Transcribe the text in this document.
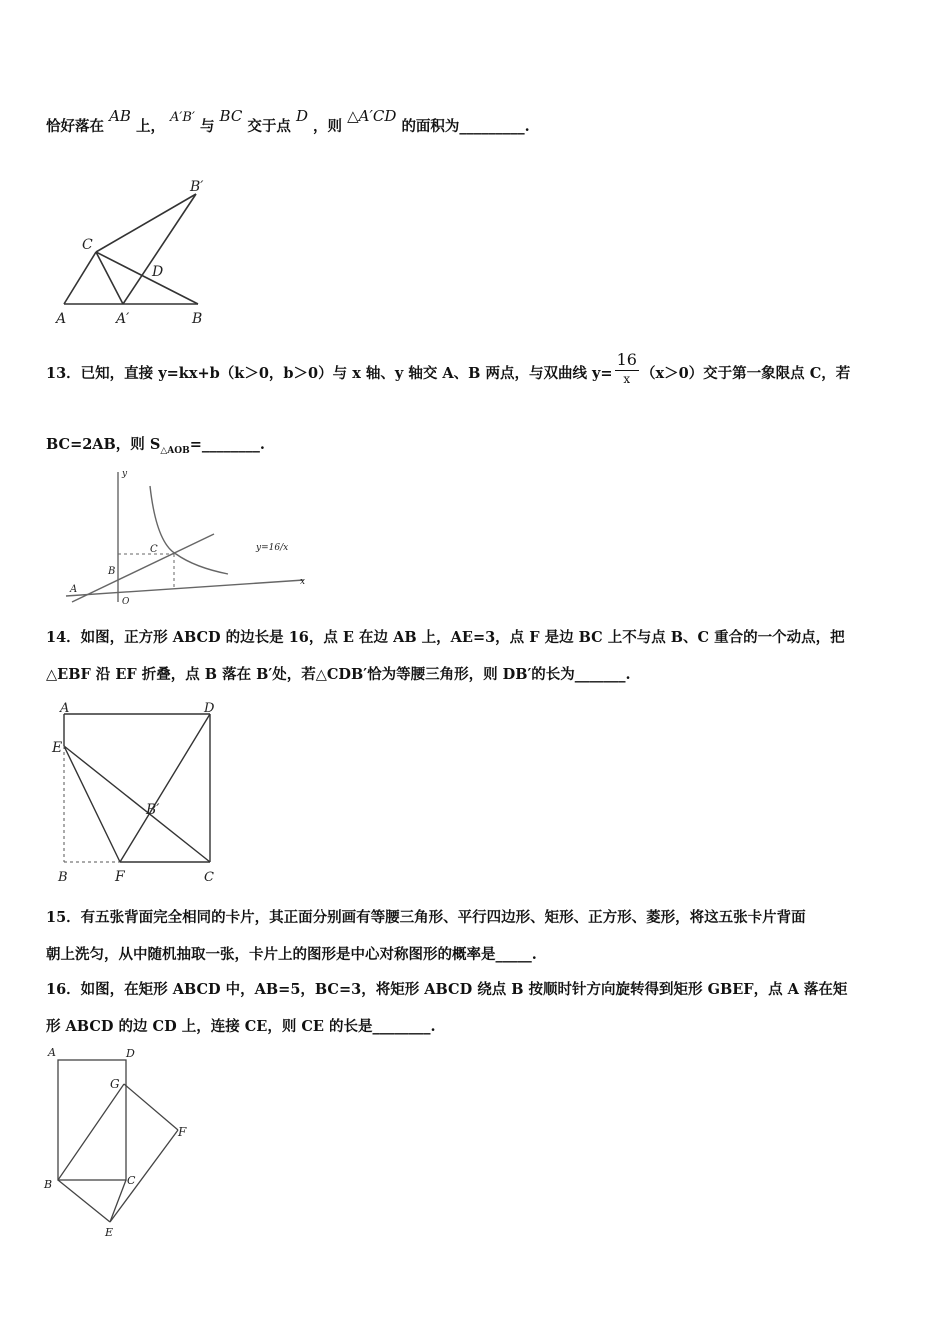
恰好落在 AB 上， A′B′ 与 BC 交于点 D ，则 △A′CD 的面积为_________.
B′
C
D
A	A′	B
13．已知，直接 y=kx+b（k＞0，b＞0）与 x 轴、y 轴交 A、B 两点，与双曲线 $y= \frac{16}{x} (x>0)$交于第一象限点 C，若
BC=2AB，则 $S_{\triangle AOB}=\_\_\_\_\_\_\_\_$.
y
x
A
B
C
O
y=16/x
14．如图，正方形 ABCD 的边长是 16，点 E 在边 AB 上，AE=3，点 F 是边 BC 上不与点 B、C 重合的一个动点，把
△EBF 沿 EF 折叠，点 B 落在 B′处，若△CDB′恰为等腰三角形，则 DB′的长为_______.
A	D
E
B′
B	F	C
15．有五张背面完全相同的卡片，其正面分别画有等腰三角形、平行四边形、矩形、正方形、菱形，将这五张卡片背面
朝上洗匀，从中随机抽取一张，卡片上的图形是中心对称图形的概率是_____.
16．如图，在矩形 ABCD 中，AB=5，BC=3，将矩形 ABCD 绕点 B 按顺时针方向旋转得到矩形 GBEF，点 A 落在矩
形 ABCD 的边 CD 上，连接 CE，则 CE 的长是________.
A	D
G
F
B	C
E
